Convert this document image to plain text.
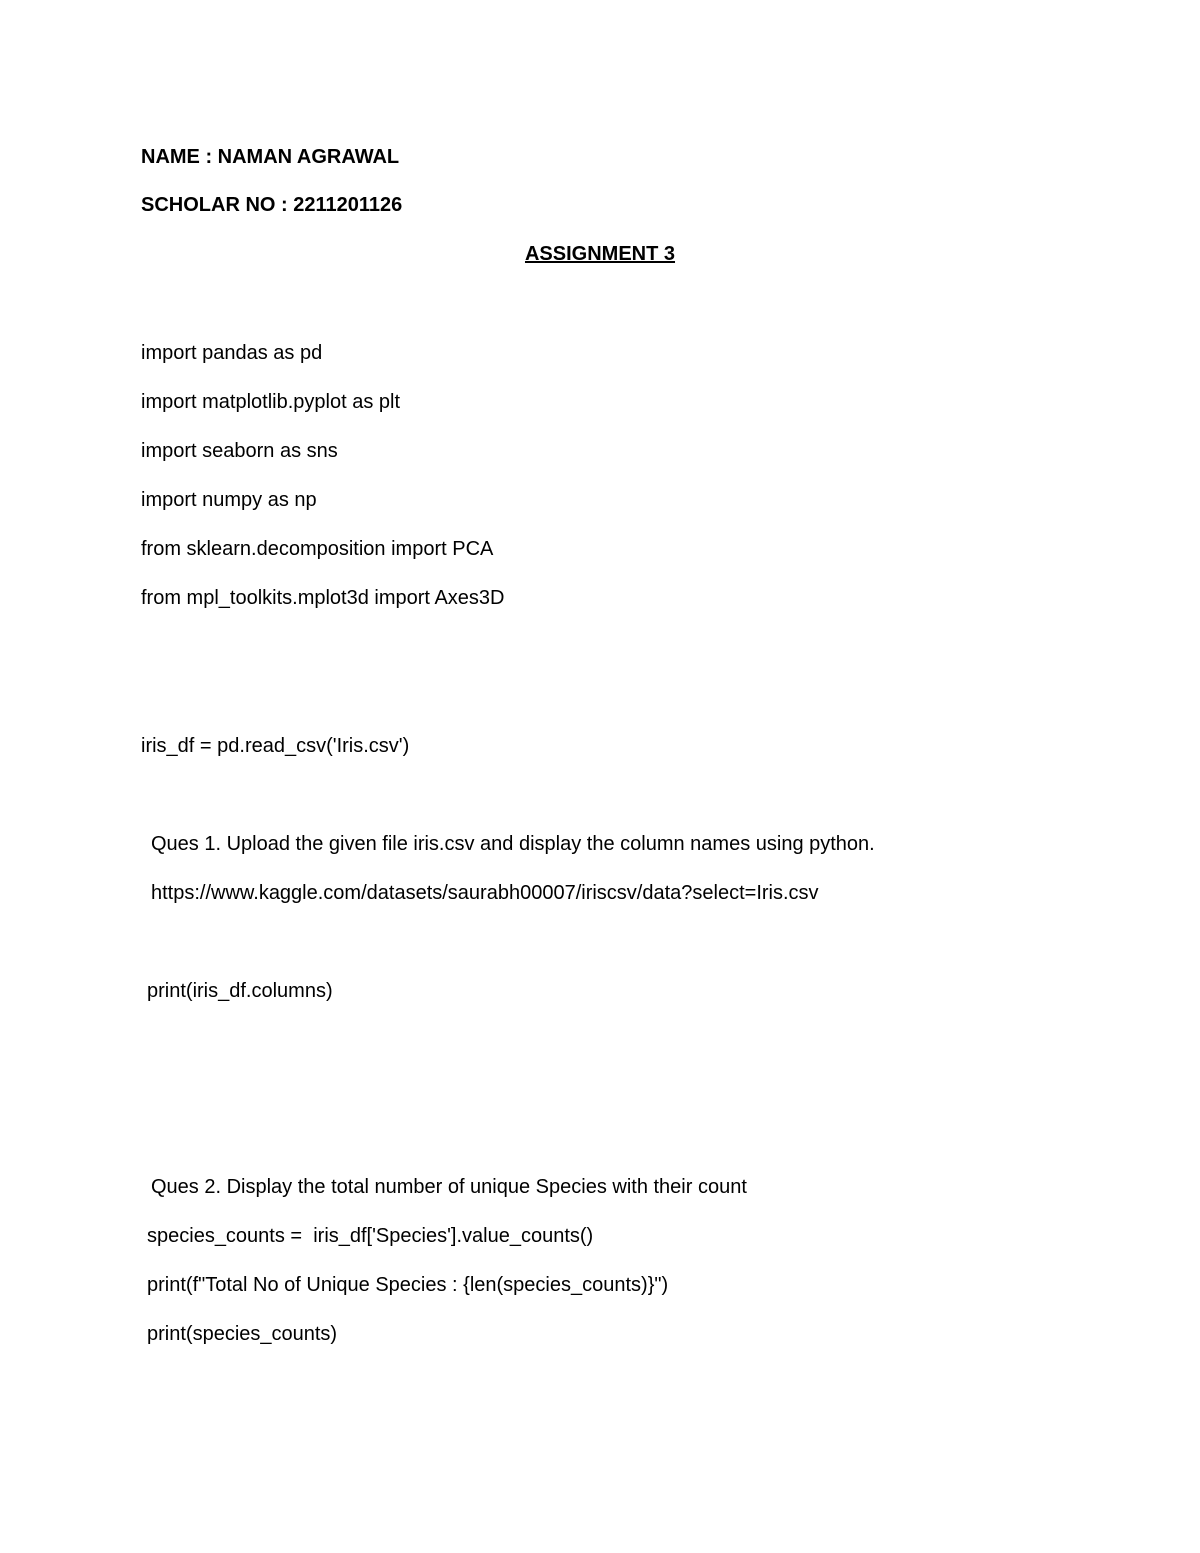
NAME : NAMAN AGRAWAL
SCHOLAR NO : 2211201126
ASSIGNMENT 3
import pandas as pd
import matplotlib.pyplot as plt
import seaborn as sns
import numpy as np
from sklearn.decomposition import PCA
from mpl_toolkits.mplot3d import Axes3D
iris_df = pd.read_csv('Iris.csv')
Ques 1. Upload the given file iris.csv and display the column names using python.
https://www.kaggle.com/datasets/saurabh00007/iriscsv/data?select=Iris.csv
print(iris_df.columns)
Ques 2. Display the total number of unique Species with their count
species_counts =  iris_df['Species'].value_counts()
print(f"Total No of Unique Species : {len(species_counts)}")
print(species_counts)
